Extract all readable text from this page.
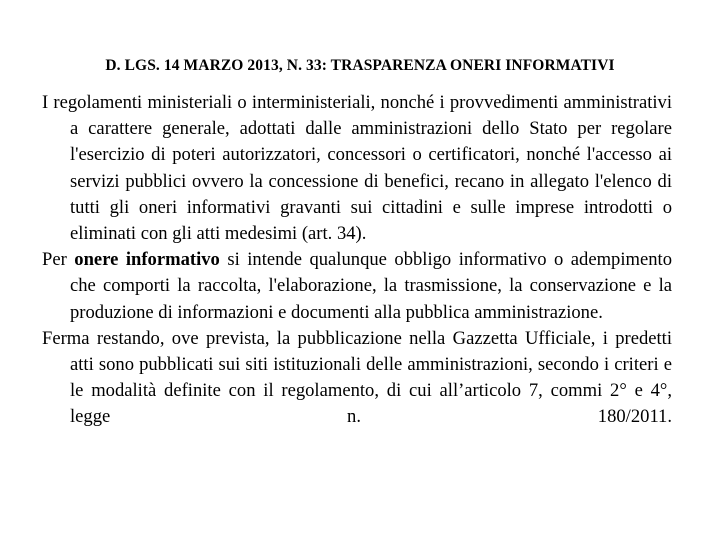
D. LGS. 14 MARZO 2013, N. 33: TRASPARENZA ONERI INFORMATIVI

I regolamenti ministeriali o interministeriali, nonché i provvedimenti amministrativi a carattere generale, adottati dalle amministrazioni dello Stato per regolare l'esercizio di poteri autorizzatori, concessori o certificatori, nonché l'accesso ai servizi pubblici ovvero la concessione di benefici, recano in allegato l'elenco di tutti gli oneri informativi gravanti sui cittadini e sulle imprese introdotti o eliminati con gli atti medesimi (art. 34).

Per onere informativo si intende qualunque obbligo informativo o adempimento che comporti la raccolta, l'elaborazione, la trasmissione, la conservazione e la produzione di informazioni e documenti alla pubblica amministrazione.

Ferma restando, ove prevista, la pubblicazione nella Gazzetta Ufficiale, i predetti atti sono pubblicati sui siti istituzionali delle amministrazioni, secondo i criteri e le modalità definite con il regolamento, di cui all’articolo 7, commi 2° e 4°, legge n. 180/2011.
